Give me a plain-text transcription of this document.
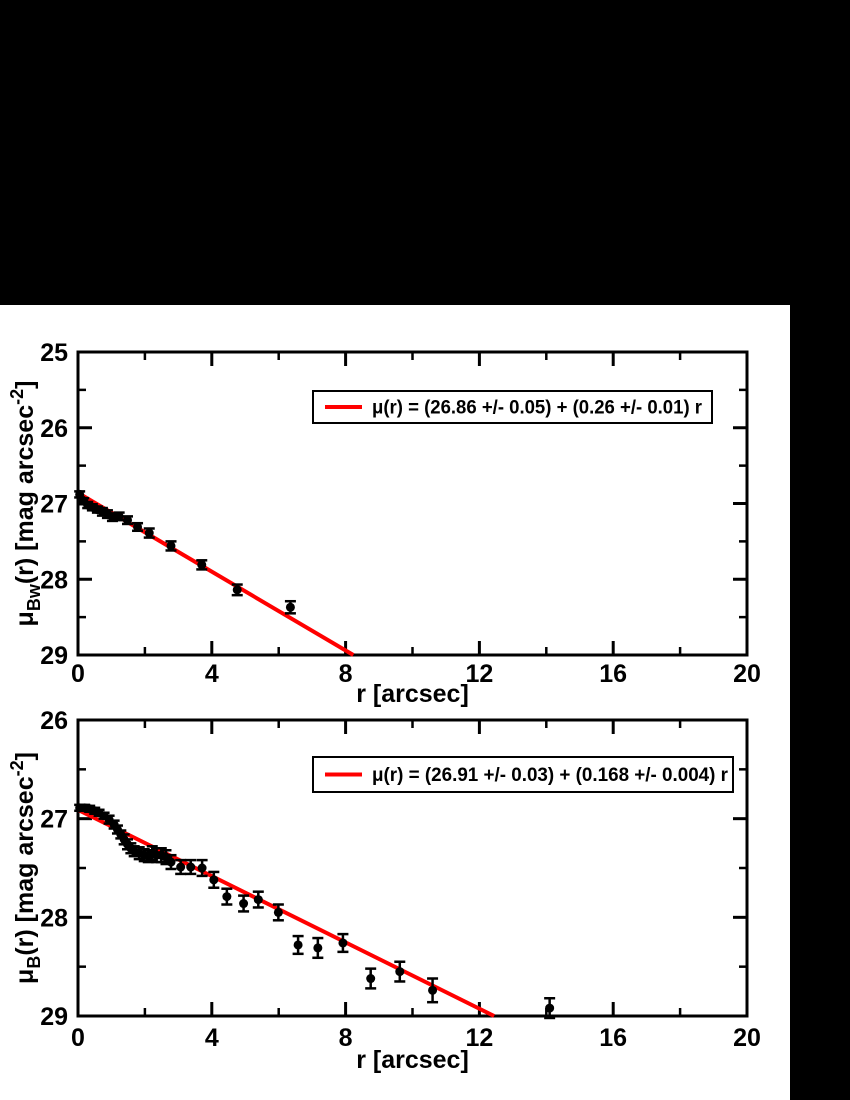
0	4	8	12	16	20
25
26
27
28
29
r [arcsec]
$\mu_{Bw}(r)$ [mag arcsec$^{-2}$]
μ(r) = (26.86 +/- 0.05) + (0.26 +/- 0.01) r
0	4	8	12	16	20
26
27
28
29
r [arcsec]
$\mu_B(r)$ [mag arcsec$^{-2}$]
μ(r) = (26.91 +/- 0.03) + (0.168 +/- 0.004) r
